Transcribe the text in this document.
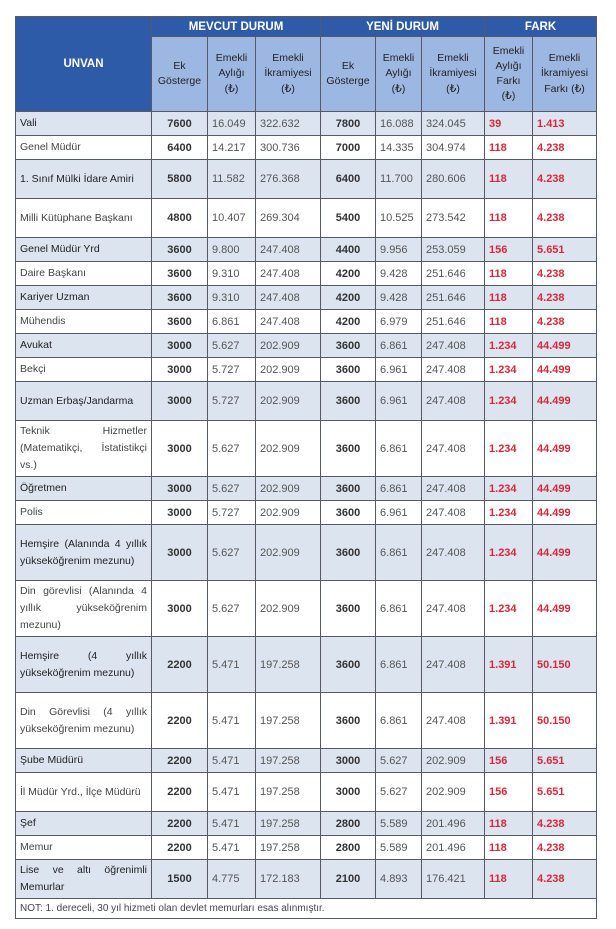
UNVAN	MEVCUT DURUM			YENİ DURUM			FARK	
	Ek Gösterge	Emekli Aylığı (₺)	Emekli İkramiyesi (₺)	Ek Gösterge	Emekli Aylığı (₺)	Emekli İkramiyesi (₺)	Emekli Aylığı Farkı (₺)	Emekli İkramiyesi Farkı (₺)
Vali	7600	16.049	322.632	7800	16.088	324.045	39	1.413
Genel Müdür	6400	14.217	300.736	7000	14.335	304.974	118	4.238
1. Sınıf Mülki İdare Amiri	5800	11.582	276.368	6400	11.700	280.606	118	4.238
Milli Kütüphane Başkanı	4800	10.407	269.304	5400	10.525	273.542	118	4.238
Genel Müdür Yrd	3600	9.800	247.408	4400	9.956	253.059	156	5.651
Daire Başkanı	3600	9.310	247.408	4200	9.428	251.646	118	4.238
Kariyer Uzman	3600	9.310	247.408	4200	9.428	251.646	118	4.238
Mühendis	3600	6.861	247.408	4200	6.979	251.646	118	4.238
Avukat	3000	5.627	202.909	3600	6.861	247.408	1.234	44.499
Bekçi	3000	5.727	202.909	3600	6.961	247.408	1.234	44.499
Uzman Erbaş/Jandarma	3000	5.727	202.909	3600	6.961	247.408	1.234	44.499
Teknik Hizmetler (Matematikçi, İstatistikçi vs.)	3000	5.627	202.909	3600	6.861	247.408	1.234	44.499
Öğretmen	3000	5.627	202.909	3600	6.861	247.408	1.234	44.499
Polis	3000	5.727	202.909	3600	6.961	247.408	1.234	44.499
Hemşire (Alanında 4 yıllık yükseköğrenim mezunu)	3000	5.627	202.909	3600	6.861	247.408	1.234	44.499
Din görevlisi (Alanında 4 yıllık yükseköğrenim mezunu)	3000	5.627	202.909	3600	6.861	247.408	1.234	44.499
Hemşire (4 yıllık yükseköğrenim mezunu)	2200	5.471	197.258	3600	6.861	247.408	1.391	50.150
Din Görevlisi (4 yıllık yükseköğrenim mezunu)	2200	5.471	197.258	3600	6.861	247.408	1.391	50.150
Şube Müdürü	2200	5.471	197.258	3000	5.627	202.909	156	5.651
İl Müdür Yrd., İlçe Müdürü	2200	5.471	197.258	3000	5.627	202.909	156	5.651
Şef	2200	5.471	197.258	2800	5.589	201.496	118	4.238
Memur	2200	5.471	197.258	2800	5.589	201.496	118	4.238
Lise ve altı öğrenimli Memurlar	1500	4.775	172.183	2100	4.893	176.421	118	4.238
NOT: 1. dereceli, 30 yıl hizmeti olan devlet memurları esas alınmıştır.								
